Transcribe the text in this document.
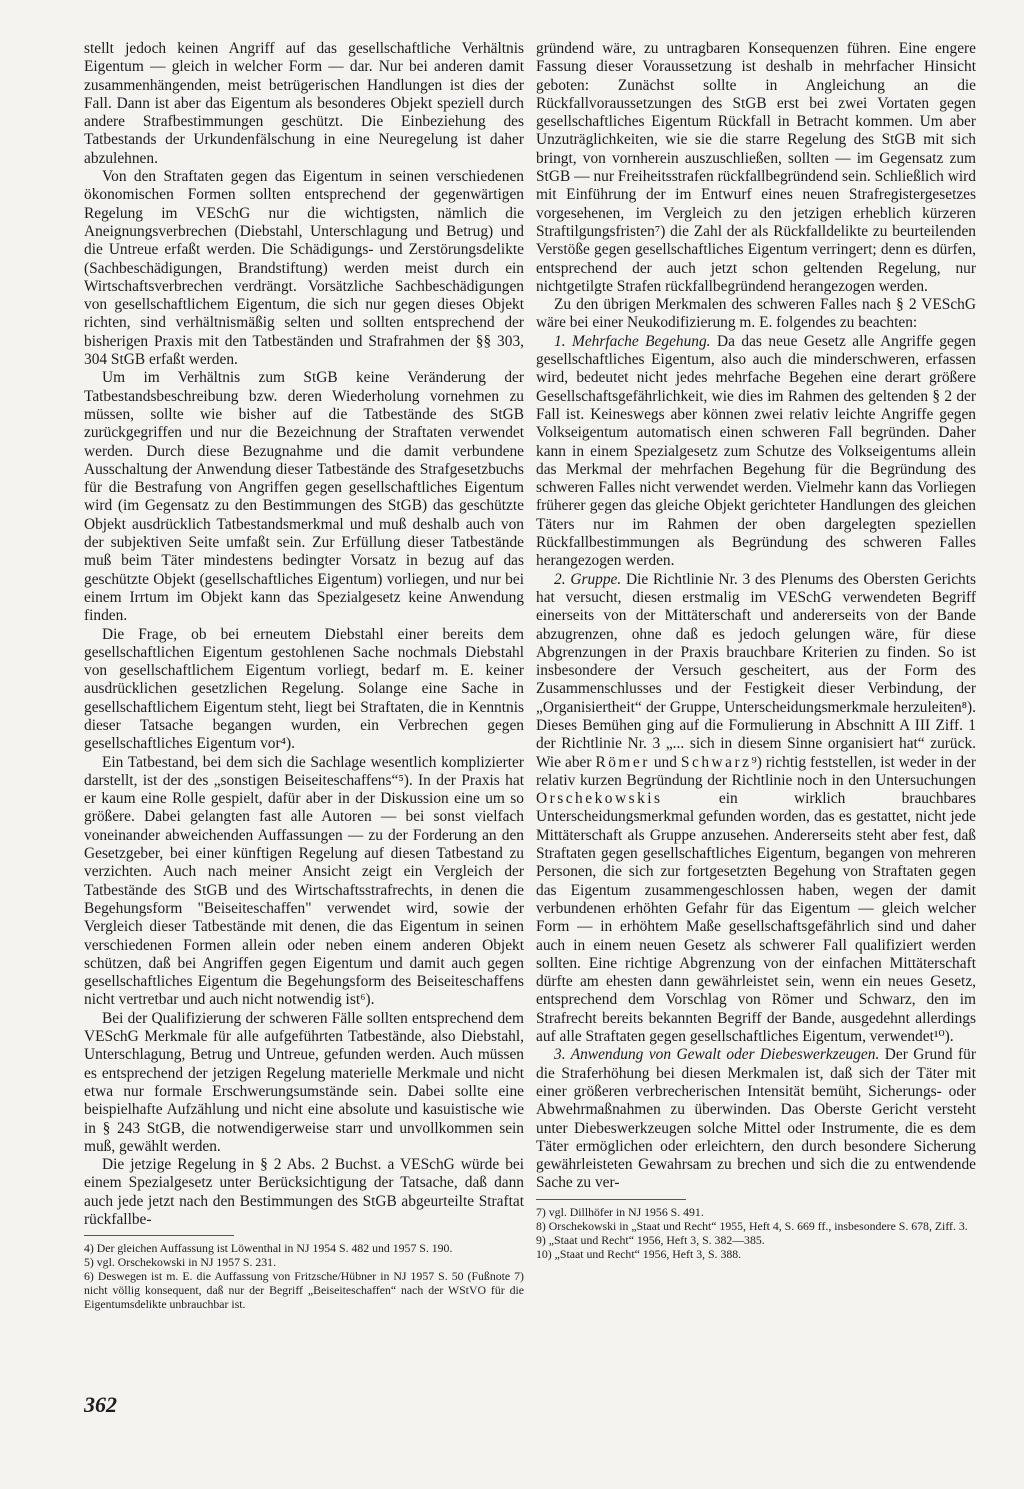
stellt jedoch keinen Angriff auf das gesellschaftliche Verhältnis Eigentum — gleich in welcher Form — dar. Nur bei anderen damit zusammenhängenden, meist betrügerischen Handlungen ist dies der Fall. Dann ist aber das Eigentum als besonderes Objekt speziell durch andere Strafbestimmungen geschützt. Die Einbeziehung des Tatbestands der Urkundenfälschung in eine Neuregelung ist daher abzulehnen.

Von den Straftaten gegen das Eigentum in seinen verschiedenen ökonomischen Formen sollten entsprechend der gegenwärtigen Regelung im VESchG nur die wichtigsten, nämlich die Aneignungsverbrechen (Diebstahl, Unterschlagung und Betrug) und die Untreue erfaßt werden. Die Schädigungs- und Zerstörungsdelikte (Sachbeschädigungen, Brandstiftung) werden meist durch ein Wirtschaftsverbrechen verdrängt. Vorsätzliche Sachbeschädigungen von gesellschaftlichem Eigentum, die sich nur gegen dieses Objekt richten, sind verhältnismäßig selten und sollten entsprechend der bisherigen Praxis mit den Tatbeständen und Strafrahmen der §§ 303, 304 StGB erfaßt werden.

Um im Verhältnis zum StGB keine Veränderung der Tatbestandsbeschreibung bzw. deren Wiederholung vornehmen zu müssen, sollte wie bisher auf die Tatbestände des StGB zurückgegriffen und nur die Bezeichnung der Straftaten verwendet werden. Durch diese Bezugnahme und die damit verbundene Ausschaltung der Anwendung dieser Tatbestände des Strafgesetzbuchs für die Bestrafung von Angriffen gegen gesellschaftliches Eigentum wird (im Gegensatz zu den Bestimmungen des StGB) das geschützte Objekt ausdrücklich Tatbestandsmerkmal und muß deshalb auch von der subjektiven Seite umfaßt sein. Zur Erfüllung dieser Tatbestände muß beim Täter mindestens bedingter Vorsatz in bezug auf das geschützte Objekt (gesellschaftliches Eigentum) vorliegen, und nur bei einem Irrtum im Objekt kann das Spezialgesetz keine Anwendung finden.

Die Frage, ob bei erneutem Diebstahl einer bereits dem gesellschaftlichen Eigentum gestohlenen Sache nochmals Diebstahl von gesellschaftlichem Eigentum vorliegt, bedarf m. E. keiner ausdrücklichen gesetzlichen Regelung. Solange eine Sache in gesellschaftlichem Eigentum steht, liegt bei Straftaten, die in Kenntnis dieser Tatsache begangen wurden, ein Verbrechen gegen gesellschaftliches Eigentum vor⁴).

Ein Tatbestand, bei dem sich die Sachlage wesentlich komplizierter darstellt, ist der des „sonstigen Beiseiteschaffens“⁵). In der Praxis hat er kaum eine Rolle gespielt, dafür aber in der Diskussion eine um so größere. Dabei gelangten fast alle Autoren — bei sonst vielfach voneinander abweichenden Auffassungen — zu der Forderung an den Gesetzgeber, bei einer künftigen Regelung auf diesen Tatbestand zu verzichten. Auch nach meiner Ansicht zeigt ein Vergleich der Tatbestände des StGB und des Wirtschaftsstrafrechts, in denen die Begehungsform "Beiseiteschaffen" verwendet wird, sowie der Vergleich dieser Tatbestände mit denen, die das Eigentum in seinen verschiedenen Formen allein oder neben einem anderen Objekt schützen, daß bei Angriffen gegen Eigentum und damit auch gegen gesellschaftliches Eigentum die Begehungsform des Beiseiteschaffens nicht vertretbar und auch nicht notwendig ist⁶).

Bei der Qualifizierung der schweren Fälle sollten entsprechend dem VESchG Merkmale für alle aufgeführten Tatbestände, also Diebstahl, Unterschlagung, Betrug und Untreue, gefunden werden. Auch müssen es entsprechend der jetzigen Regelung materielle Merkmale und nicht etwa nur formale Erschwerungsumstände sein. Dabei sollte eine beispielhafte Aufzählung und nicht eine absolute und kasuistische wie in § 243 StGB, die notwendigerweise starr und unvollkommen sein muß, gewählt werden.

Die jetzige Regelung in § 2 Abs. 2 Buchst. a VESchG würde bei einem Spezialgesetz unter Berücksichtigung der Tatsache, daß dann auch jede jetzt nach den Bestimmungen des StGB abgeurteilte Straftat rückfallbe-

4) Der gleichen Auffassung ist Löwenthal in NJ 1954 S. 482 und 1957 S. 190.
5) vgl. Orschekowski in NJ 1957 S. 231.
6) Deswegen ist m. E. die Auffassung von Fritzsche/Hübner in NJ 1957 S. 50 (Fußnote 7) nicht völlig konsequent, daß nur der Begriff „Beiseiteschaffen“ nach der WStVO für die Eigentumsdelikte unbrauchbar ist.

gründend wäre, zu untragbaren Konsequenzen führen. Eine engere Fassung dieser Voraussetzung ist deshalb in mehrfacher Hinsicht geboten: Zunächst sollte in Angleichung an die Rückfallvoraussetzungen des StGB erst bei zwei Vortaten gegen gesellschaftliches Eigentum Rückfall in Betracht kommen. Um aber Unzuträglichkeiten, wie sie die starre Regelung des StGB mit sich bringt, von vornherein auszuschließen, sollten — im Gegensatz zum StGB — nur Freiheitsstrafen rückfallbegründend sein. Schließlich wird mit Einführung der im Entwurf eines neuen Strafregistergesetzes vorgesehenen, im Vergleich zu den jetzigen erheblich kürzeren Straftilgungsfristen⁷) die Zahl der als Rückfalldelikte zu beurteilenden Verstöße gegen gesellschaftliches Eigentum verringert; denn es dürfen, entsprechend der auch jetzt schon geltenden Regelung, nur nichtgetilgte Strafen rückfallbegründend herangezogen werden.

Zu den übrigen Merkmalen des schweren Falles nach § 2 VESchG wäre bei einer Neukodifizierung m. E. folgendes zu beachten:

1. Mehrfache Begehung. Da das neue Gesetz alle Angriffe gegen gesellschaftliches Eigentum, also auch die minderschweren, erfassen wird, bedeutet nicht jedes mehrfache Begehen eine derart größere Gesellschaftsgefährlichkeit, wie dies im Rahmen des geltenden § 2 der Fall ist. Keineswegs aber können zwei relativ leichte Angriffe gegen Volkseigentum automatisch einen schweren Fall begründen. Daher kann in einem Spezialgesetz zum Schutze des Volkseigentums allein das Merkmal der mehrfachen Begehung für die Begründung des schweren Falles nicht verwendet werden. Vielmehr kann das Vorliegen früherer gegen das gleiche Objekt gerichteter Handlungen des gleichen Täters nur im Rahmen der oben dargelegten speziellen Rückfallbestimmungen als Begründung des schweren Falles herangezogen werden.

2. Gruppe. Die Richtlinie Nr. 3 des Plenums des Obersten Gerichts hat versucht, diesen erstmalig im VESchG verwendeten Begriff einerseits von der Mittäterschaft und andererseits von der Bande abzugrenzen, ohne daß es jedoch gelungen wäre, für diese Abgrenzungen in der Praxis brauchbare Kriterien zu finden. So ist insbesondere der Versuch gescheitert, aus der Form des Zusammenschlusses und der Festigkeit dieser Verbindung, der „Organisiertheit“ der Gruppe, Unterscheidungsmerkmale herzuleiten⁸). Dieses Bemühen ging auf die Formulierung in Abschnitt A III Ziff. 1 der Richtlinie Nr. 3 „... sich in diesem Sinne organisiert hat“ zurück. Wie aber Römer und Schwarz⁹) richtig feststellen, ist weder in der relativ kurzen Begründung der Richtlinie noch in den Untersuchungen Orschekowskis	ein wirklich brauchbares Unterscheidungsmerkmal gefunden worden, das es gestattet, nicht jede Mittäterschaft als Gruppe anzusehen. Andererseits steht aber fest, daß Straftaten gegen gesellschaftliches Eigentum, begangen von mehreren Personen, die sich zur fortgesetzten Begehung von Straftaten gegen das Eigentum zusammengeschlossen haben, wegen der damit verbundenen erhöhten Gefahr für das Eigentum — gleich welcher Form — in erhöhtem Maße gesellschaftsgefährlich sind und daher auch in einem neuen Gesetz als schwerer Fall qualifiziert werden sollten. Eine richtige Abgrenzung von der einfachen Mittäterschaft dürfte am ehesten dann gewährleistet sein, wenn ein neues Gesetz, entsprechend dem Vorschlag von Römer und Schwarz, den im Strafrecht bereits bekannten Begriff der Bande, ausgedehnt allerdings auf alle Straftaten gegen gesellschaftliches Eigentum, verwendet¹⁰).

3. Anwendung von Gewalt oder Diebeswerkzeugen. Der Grund für die Straferhöhung bei diesen Merkmalen ist, daß sich der Täter mit einer größeren verbrecherischen Intensität bemüht, Sicherungs- oder Abwehrmaßnahmen zu überwinden. Das Oberste Gericht versteht unter Diebeswerkzeugen solche Mittel oder Instrumente, die es dem Täter ermöglichen oder erleichtern, den durch besondere Sicherung gewährleisteten Gewahrsam zu brechen und sich die zu entwendende Sache zu ver-

7) vgl. Dillhöfer in NJ 1956 S. 491.
8) Orschekowski in „Staat und Recht“ 1955, Heft 4, S. 669 ff., insbesondere S. 678, Ziff. 3.
9) „Staat und Recht“ 1956, Heft 3, S. 382—385.
10) „Staat und Recht“ 1956, Heft 3, S. 388.
362
